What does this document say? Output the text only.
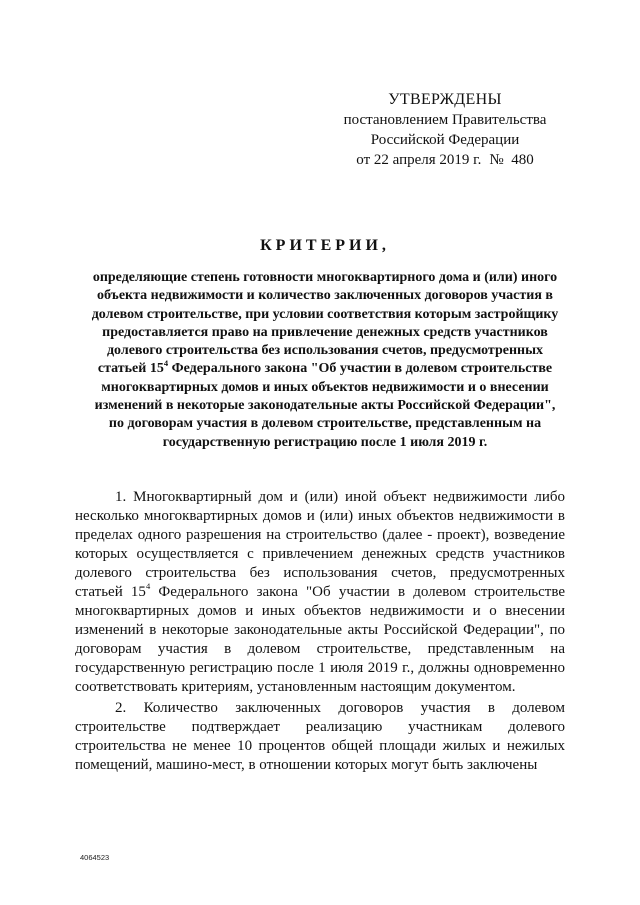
УТВЕРЖДЕНЫ
постановлением Правительства
Российской Федерации
от 22 апреля 2019 г. № 480
КРИТЕРИИ,
определяющие степень готовности многоквартирного дома и (или) иного объекта недвижимости и количество заключенных договоров участия в долевом строительстве, при условии соответствия которым застройщику предоставляется право на привлечение денежных средств участников долевого строительства без использования счетов, предусмотренных статьей $15^4$ Федерального закона "Об участии в долевом строительстве многоквартирных домов и иных объектов недвижимости и о внесении изменений в некоторые законодательные акты Российской Федерации", по договорам участия в долевом строительстве, представленным на государственную регистрацию после 1 июля 2019 г.

1. Многоквартирный дом и (или) иной объект недвижимости либо несколько многоквартирных домов и (или) иных объектов недвижимости в пределах одного разрешения на строительство (далее - проект), возведение которых осуществляется с привлечением денежных средств участников долевого строительства без использования счетов, предусмотренных статьей $15^4$ Федерального закона "Об участии в долевом строительстве многоквартирных домов и иных объектов недвижимости и о внесении изменений в некоторые законодательные акты Российской Федерации", по договорам участия в долевом строительстве, представленным на государственную регистрацию после 1 июля 2019 г., должны одновременно соответствовать критериям, установленным настоящим документом.

2. Количество заключенных договоров участия в долевом строительстве подтверждает реализацию участникам долевого строительства не менее 10 процентов общей площади жилых и нежилых помещений, машино-мест, в отношении которых могут быть заключены

4064523
